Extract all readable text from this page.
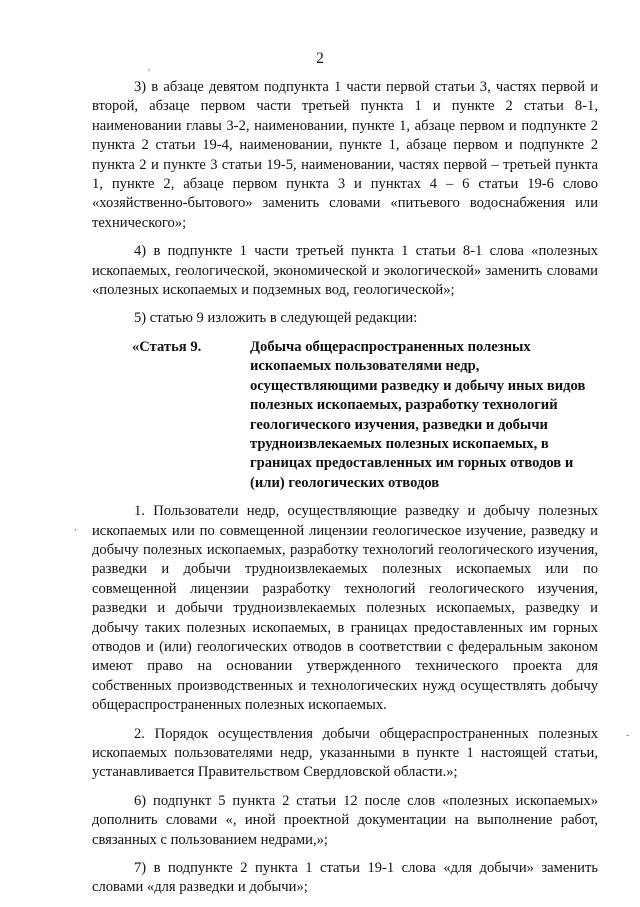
2

3) в абзаце девятом подпункта 1 части первой статьи 3, частях первой и второй, абзаце первом части третьей пункта 1 и пункте 2 статьи 8-1, наименовании главы 3-2, наименовании, пункте 1, абзаце первом и подпункте 2 пункта 2 статьи 19-4, наименовании, пункте 1, абзаце первом и подпункте 2 пункта 2 и пункте 3 статьи 19-5, наименовании, частях первой – третьей пункта 1, пункте 2, абзаце первом пункта 3 и пунктах 4 – 6 статьи 19-6 слово «хозяйственно-бытового» заменить словами «питьевого водоснабжения или технического»;

4) в подпункте 1 части третьей пункта 1 статьи 8-1 слова «полезных ископаемых, геологической, экономической и экологической» заменить словами «полезных ископаемых и подземных вод, геологической»;

5) статью 9 изложить в следующей редакции:

«Статья 9.	Добыча общераспространенных полезных ископаемых пользователями недр, осуществляющими разведку и добычу иных видов полезных ископаемых, разработку технологий геологического изучения, разведки и добычи трудноизвлекаемых полезных ископаемых, в границах предоставленных им горных отводов и (или) геологических отводов

1. Пользователи недр, осуществляющие разведку и добычу полезных ископаемых или по совмещенной лицензии геологическое изучение, разведку и добычу полезных ископаемых, разработку технологий геологического изучения, разведки и добычи трудноизвлекаемых полезных ископаемых или по совмещенной лицензии разработку технологий геологического изучения, разведки и добычи трудноизвлекаемых полезных ископаемых, разведку и добычу таких полезных ископаемых, в границах предоставленных им горных отводов и (или) геологических отводов в соответствии с федеральным законом имеют право на основании утвержденного технического проекта для собственных производственных и технологических нужд осуществлять добычу общераспространенных полезных ископаемых.

2. Порядок осуществления добычи общераспространенных полезных ископаемых пользователями недр, указанными в пункте 1 настоящей статьи, устанавливается Правительством Свердловской области.»;

6) подпункт 5 пункта 2 статьи 12 после слов «полезных ископаемых» дополнить словами «, иной проектной документации на выполнение работ, связанных с пользованием недрами,»;

7) в подпункте 2 пункта 1 статьи 19-1 слова «для добычи» заменить словами «для разведки и добычи»;

,
,
-
